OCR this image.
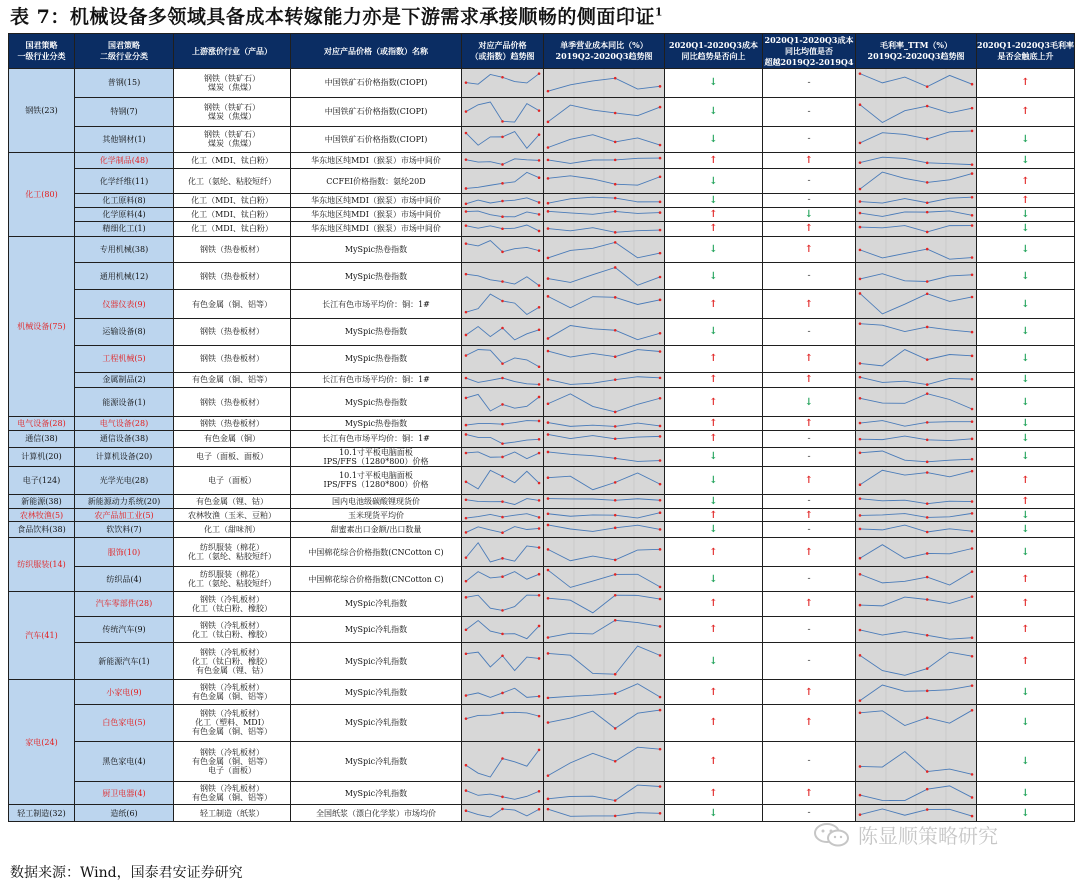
表 7：机械设备多领域具备成本转嫁能力亦是下游需求承接顺畅的侧面印证$^1$
国君策略
一级行业分类	国君策略
二级行业分类	上游涨价行业（产品）	对应产品价格（或指数）名称	对应产品价格
（或指数）趋势图	单季营业成本同比（%）
2019Q2-2020Q3趋势图	2020Q1-2020Q3成本
同比趋势是否向上	2020Q1-2020Q3成本
同比均值是否
超越2019Q2-2019Q4	毛利率_TTM（%）
2019Q2-2020Q3趋势图	2020Q1-2020Q3毛利率
是否会触底上升
钢铁(23)	普钢(15)	钢铁（铁矿石）
煤炭（焦煤）	中国铁矿石价格指数(CIOPI)			↓	-		↑
	特钢(7)	钢铁（铁矿石）
煤炭（焦煤）	中国铁矿石价格指数(CIOPI)			↓	-		↑
	其他钢材(1)	钢铁（铁矿石）
煤炭（焦煤）	中国铁矿石价格指数(CIOPI)			↓	-		↓
化工(80)	化学制品(48)	化工（MDI、钛白粉）	华东地区纯MDI（猴泵）市场中间价			↑	↑		↓
	化学纤维(11)	化工（氨纶、粘胶短纤）	CCFEI价格指数：氨纶20D			↓	-		↑
	化工原料(8)	化工（MDI、钛白粉）	华东地区纯MDI（猴泵）市场中间价			↓	-		↑
	化学原料(4)	化工（MDI、钛白粉）	华东地区纯MDI（猴泵）市场中间价			↑	↓		↓
	精细化工(1)	化工（MDI、钛白粉）	华东地区纯MDI（猴泵）市场中间价			↑	↑		↓
机械设备(75)	专用机械(38)	钢铁（热卷板材）	MySpic热卷指数			↓	↑		↓
	通用机械(12)	钢铁（热卷板材）	MySpic热卷指数			↓	-		↓
	仪器仪表(9)	有色金属（铜、铝等）	长江有色市场平均价：铜：1#			↑	↑		↓
	运输设备(8)	钢铁（热卷板材）	MySpic热卷指数			↓	-		↓
	工程机械(5)	钢铁（热卷板材）	MySpic热卷指数			↑	↑		↓
	金属制品(2)	有色金属（铜、铝等）	长江有色市场平均价：铜：1#			↑	↑		↓
	能源设备(1)	钢铁（热卷板材）	MySpic热卷指数			↑	↓		↓
电气设备(28)	电气设备(28)	钢铁（热卷板材）	MySpic热卷指数			↑	↑		↓
通信(38)	通信设备(38)	有色金属（铜）	长江有色市场平均价：铜：1#			↑	-		↓
计算机(20)	计算机设备(20)	电子（面板、面板）	10.1寸平板电脑面板
IPS/FFS（1280*800）价格			↓	-		↓
电子(124)	光学光电(28)	电子（面板）	10.1寸平板电脑面板
IPS/FFS（1280*800）价格			↓	↑		↑
新能源(38)	新能源动力系统(20)	有色金属（锂、钴）	国内电池级碳酸锂现货价			↓	-		↑
农林牧渔(5)	农产品加工业(5)	农林牧渔（玉米、豆粕）	玉米现货平均价			↑	↑		↓
食品饮料(38)	软饮料(7)	化工（甜味剂）	甜蜜素出口金额/出口数量			↓	-		↓
纺织服装(14)	服饰(10)	纺织服装（棉花）
化工（氨纶、粘胶短纤）	中国棉花综合价格指数(CNCotton C)			↑	↑		↓
	纺织品(4)	纺织服装（棉花）
化工（氨纶、粘胶短纤）	中国棉花综合价格指数(CNCotton C)			↓	-		↑
汽车(41)	汽车零部件(28)	钢铁（冷轧板材）
化工（钛白粉、橡胶）	MySpic冷轧指数			↑	↑		↑
	传统汽车(9)	钢铁（冷轧板材）
化工（钛白粉、橡胶）	MySpic冷轧指数			↑	-		↑
	新能源汽车(1)	钢铁（冷轧板材）
化工（钛白粉、橡胶）
有色金属（锂、钴）	MySpic冷轧指数			↓	-		↑
家电(24)	小家电(9)	钢铁（冷轧板材）
有色金属（铜、铝等）	MySpic冷轧指数			↑	↑		↓
	白色家电(5)	钢铁（冷轧板材）
化工（塑料、MDI）
有色金属（铜、铝等）	MySpic冷轧指数			↑	↑		↓
	黑色家电(4)	钢铁（冷轧板材）
有色金属（铜、铝等）
电子（面板）	MySpic冷轧指数			↑	-		↓
	厨卫电器(4)	钢铁（冷轧板材）
有色金属（铜、铝等）	MySpic冷轧指数			↑	↑		↓
轻工制造(32)	造纸(6)	轻工制造（纸浆）	全国纸浆（漂白化学浆）市场均价			↓	-		↓
数据来源：Wind，国泰君安证券研究
陈显顺策略研究
